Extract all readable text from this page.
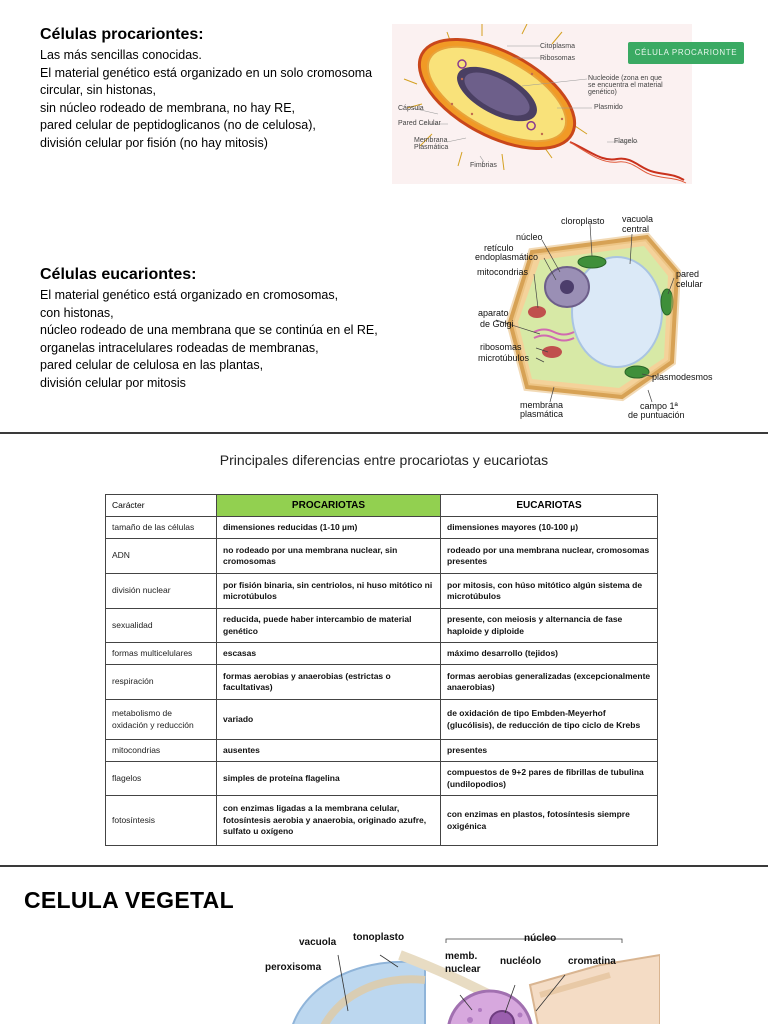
Células procariontes:
Las más sencillas conocidas.
El material genético está organizado en un solo cromosoma
circular, sin histonas,
sin núcleo rodeado de membrana, no hay RE,
pared celular de peptidoglicanos (no de celulosa),
división celular por fisión (no hay mitosis)
Citoplasma
Ribosomas
Nucleoide (zona en que
se encuentra el material
genético)
Plasmido
Cápsula
Pared Celular
Membrana
Plasmática
Flagelo
Fimbrias
CÉLULA PROCARIONTE
Células eucariontes:
El material genético está organizado en cromosomas,
con histonas,
núcleo rodeado de una membrana que se continúa en el RE,
organelas intracelulares rodeadas de membranas,
pared celular de celulosa en las plantas,
división celular por mitosis
cloroplasto vacuola
central
núcleo
retículo
endoplasmático
mitocondrias	pared
celular
aparato
de Golgi
ribosomas
microtúbulos
plasmodesmos
membrana
plasmática
campo 1ª
de puntuación
Principales diferencias entre procariotas y eucariotas
Carácter	PROCARIOTAS	EUCARIOTAS
tamaño de las células	dimensiones reducidas (1-10 µm)	dimensiones mayores (10-100 µ)
ADN	no rodeado por una membrana nuclear, sin cromosomas	rodeado por una membrana nuclear, cromosomas presentes
división nuclear	por fisión binaria, sin centriolos, ni huso mitótico ni microtúbulos	por mitosis, con húso mitótico algún sistema de microtúbulos
sexualidad	reducida, puede haber intercambio de material genético	presente, con meiosis y alternancia de fase haploide y diploide
formas multicelulares	escasas	máximo desarrollo (tejidos)
respiración	formas aerobias y anaerobias (estrictas o facultativas)	formas aerobias generalizadas (excepcionalmente anaerobias)
metabolismo de oxidación y reducción	variado	de oxidación de tipo Embden-Meyerhof (glucólisis), de reducción de tipo ciclo de Krebs
mitocondrias	ausentes	presentes
flagelos	simples de proteína flagelina	compuestos de 9+2 pares de fibrillas de tubulina (undilopodios)
fotosíntesis	con enzimas ligadas a la membrana celular, fotosíntesis aerobia y anaerobia, originado azufre, sulfato u oxígeno	con enzimas en plastos, fotosíntesis siempre oxigénica
CELULA VEGETAL
vacuola tonoplasto	núcleo
peroxisoma
memb.
nuclear
nucléolo	cromatina
